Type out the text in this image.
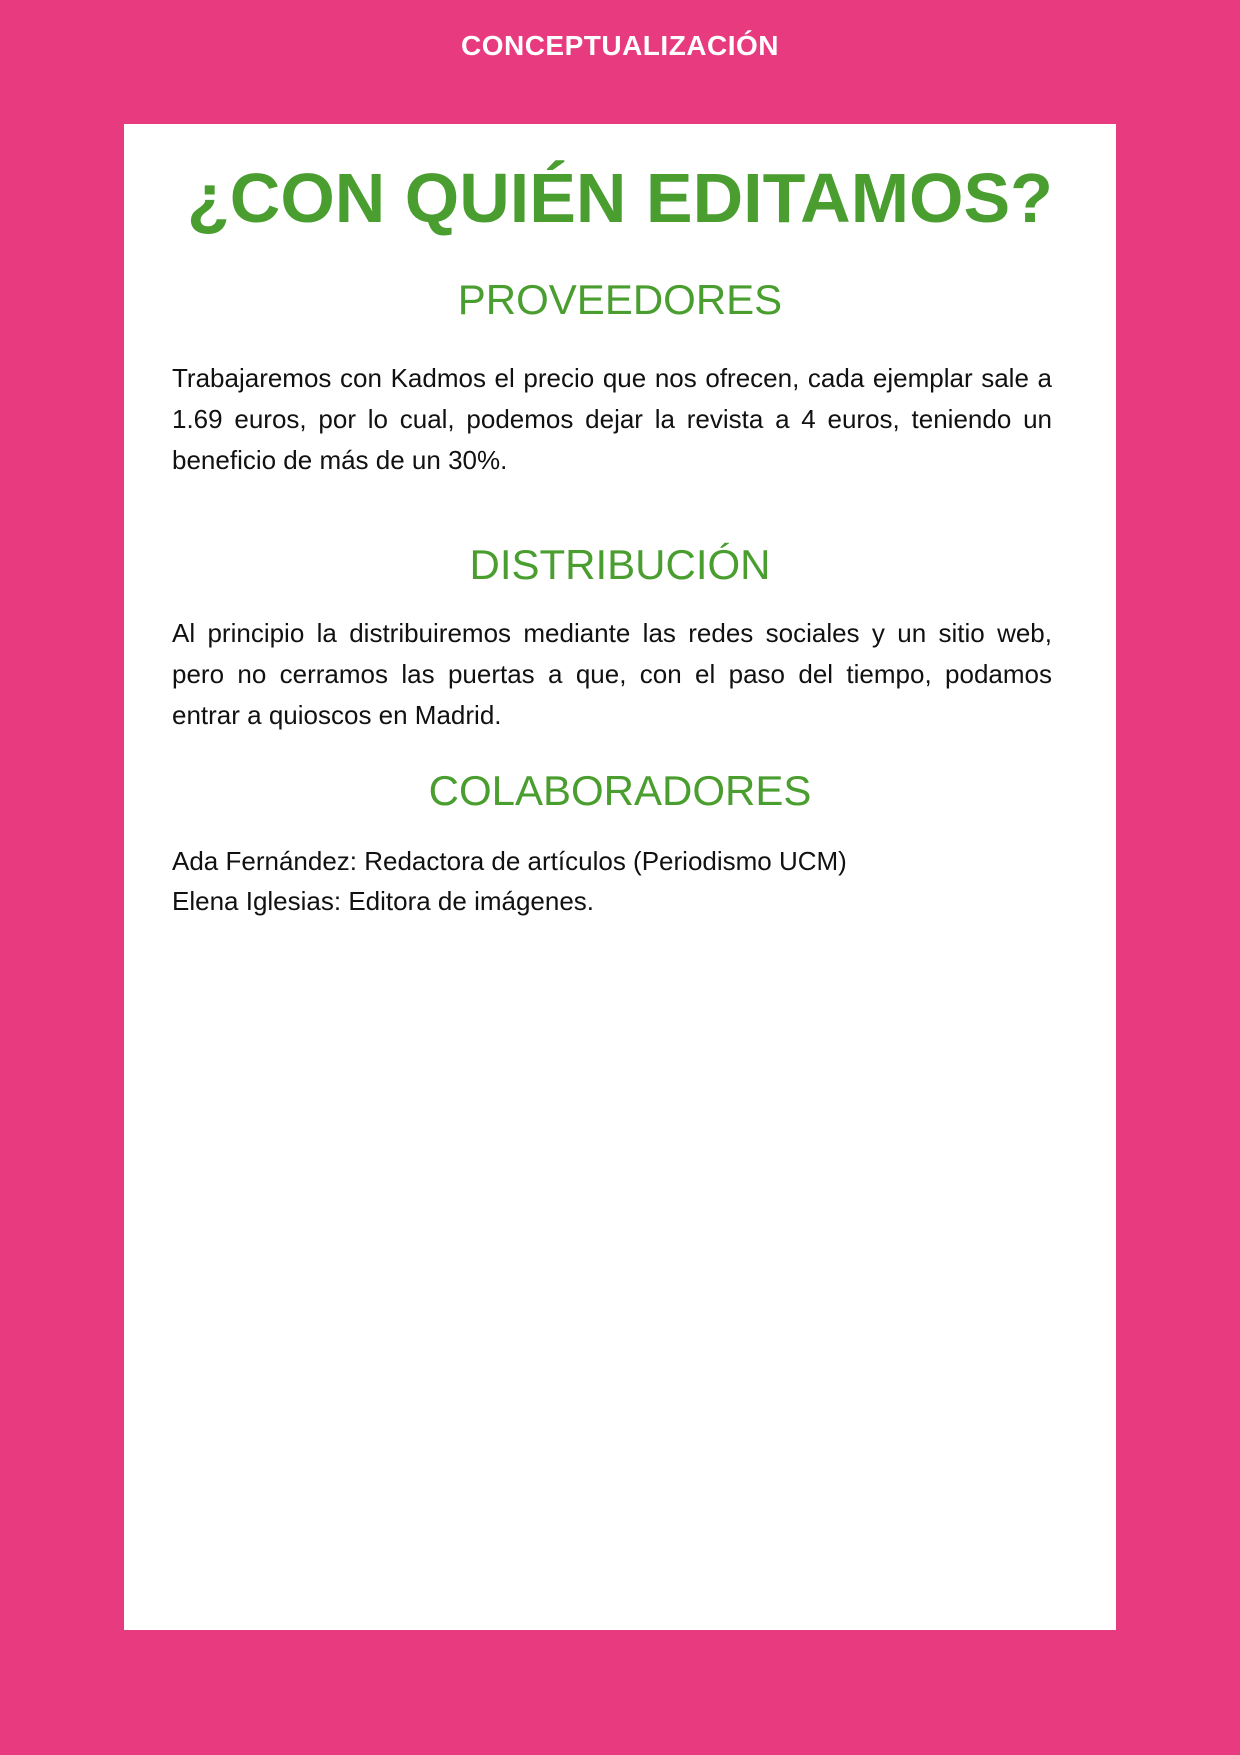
CONCEPTUALIZACIÓN
¿CON QUIÉN EDITAMOS?
PROVEEDORES

Trabajaremos con Kadmos el precio que nos ofrecen, cada ejemplar sale a 1.69 euros, por lo cual, podemos dejar la revista a 4 euros, teniendo un beneficio de más de un 30%.

DISTRIBUCIÓN

Al principio la distribuiremos mediante las redes sociales y un sitio web, pero no cerramos las puertas a que, con el paso del tiempo, podamos entrar a quioscos en Madrid.

COLABORADORES
Ada Fernández: Redactora de artículos (Periodismo UCM)
Elena Iglesias: Editora de imágenes.
